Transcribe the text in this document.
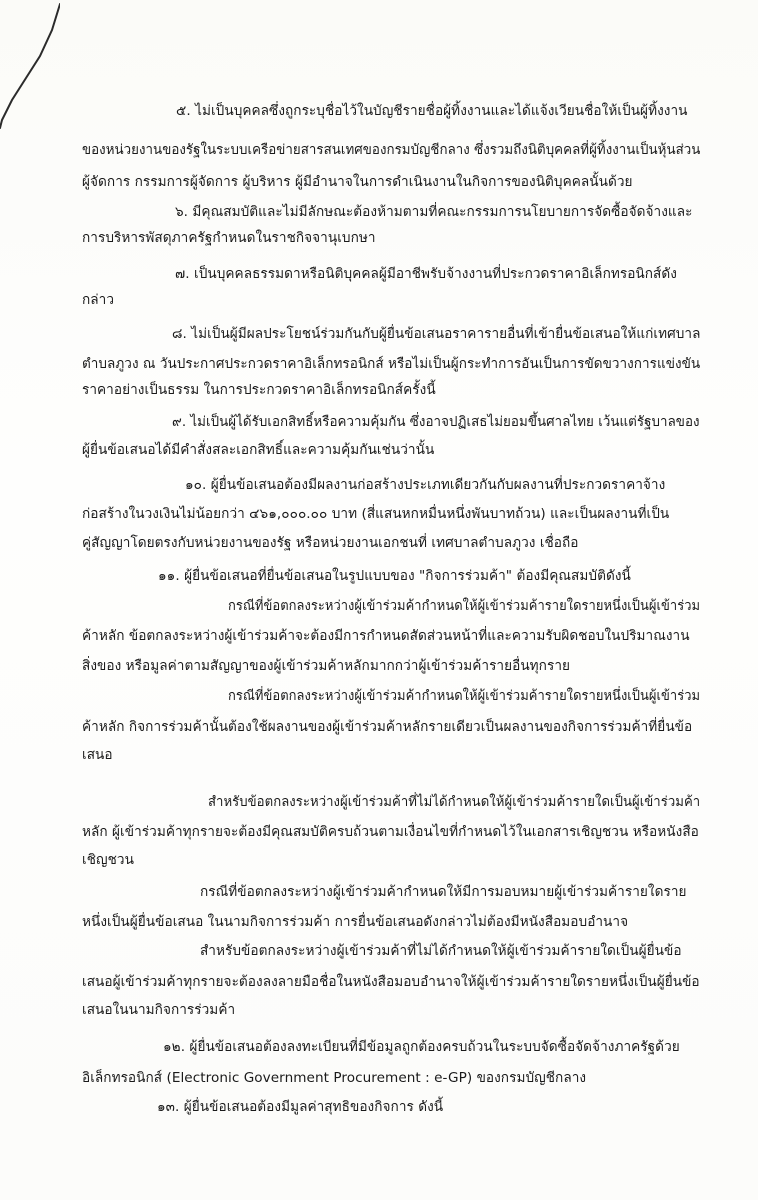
๕. ไม่เป็นบุคคลซึ่งถูกระบุชื่อไว้ในบัญชีรายชื่อผู้ทิ้งงานและได้แจ้งเวียนชื่อให้เป็นผู้ทิ้งงาน
ของหน่วยงานของรัฐในระบบเครือข่ายสารสนเทศของกรมบัญชีกลาง ซึ่งรวมถึงนิติบุคคลที่ผู้ทิ้งงานเป็นหุ้นส่วน
ผู้จัดการ กรรมการผู้จัดการ ผู้บริหาร ผู้มีอำนาจในการดำเนินงานในกิจการของนิติบุคคลนั้นด้วย
๖. มีคุณสมบัติและไม่มีลักษณะต้องห้ามตามที่คณะกรรมการนโยบายการจัดซื้อจัดจ้างและ
การบริหารพัสดุภาครัฐกำหนดในราชกิจจานุเบกษา
๗. เป็นบุคคลธรรมดาหรือนิติบุคคลผู้มีอาชีพรับจ้างงานที่ประกวดราคาอิเล็กทรอนิกส์ดัง
กล่าว
๘. ไม่เป็นผู้มีผลประโยชน์ร่วมกันกับผู้ยื่นข้อเสนอราคารายอื่นที่เข้ายื่นข้อเสนอให้แก่เทศบาล
ตำบลภูวง ณ วันประกาศประกวดราคาอิเล็กทรอนิกส์ หรือไม่เป็นผู้กระทำการอันเป็นการขัดขวางการแข่งขัน
ราคาอย่างเป็นธรรม ในการประกวดราคาอิเล็กทรอนิกส์ครั้งนี้
๙. ไม่เป็นผู้ได้รับเอกสิทธิ์หรือความคุ้มกัน ซึ่งอาจปฏิเสธไม่ยอมขึ้นศาลไทย เว้นแต่รัฐบาลของ
ผู้ยื่นข้อเสนอได้มีคำสั่งสละเอกสิทธิ์และความคุ้มกันเช่นว่านั้น
๑๐. ผู้ยื่นข้อเสนอต้องมีผลงานก่อสร้างประเภทเดียวกันกับผลงานที่ประกวดราคาจ้าง
ก่อสร้างในวงเงินไม่น้อยกว่า ๔๖๑,๐๐๐.๐๐ บาท (สี่แสนหกหมื่นหนึ่งพันบาทถ้วน) และเป็นผลงานที่เป็น
คู่สัญญาโดยตรงกับหน่วยงานของรัฐ หรือหน่วยงานเอกชนที่ เทศบาลตำบลภูวง เชื่อถือ
๑๑. ผู้ยื่นข้อเสนอที่ยื่นข้อเสนอในรูปแบบของ "กิจการร่วมค้า" ต้องมีคุณสมบัติดังนี้
กรณีที่ข้อตกลงระหว่างผู้เข้าร่วมค้ากำหนดให้ผู้เข้าร่วมค้ารายใดรายหนึ่งเป็นผู้เข้าร่วม
ค้าหลัก ข้อตกลงระหว่างผู้เข้าร่วมค้าจะต้องมีการกำหนดสัดส่วนหน้าที่และความรับผิดชอบในปริมาณงาน
สิ่งของ หรือมูลค่าตามสัญญาของผู้เข้าร่วมค้าหลักมากกว่าผู้เข้าร่วมค้ารายอื่นทุกราย
กรณีที่ข้อตกลงระหว่างผู้เข้าร่วมค้ากำหนดให้ผู้เข้าร่วมค้ารายใดรายหนึ่งเป็นผู้เข้าร่วม
ค้าหลัก กิจการร่วมค้านั้นต้องใช้ผลงานของผู้เข้าร่วมค้าหลักรายเดียวเป็นผลงานของกิจการร่วมค้าที่ยื่นข้อ
เสนอ
สำหรับข้อตกลงระหว่างผู้เข้าร่วมค้าที่ไม่ได้กำหนดให้ผู้เข้าร่วมค้ารายใดเป็นผู้เข้าร่วมค้า
หลัก ผู้เข้าร่วมค้าทุกรายจะต้องมีคุณสมบัติครบถ้วนตามเงื่อนไขที่กำหนดไว้ในเอกสารเชิญชวน หรือหนังสือ
เชิญชวน
กรณีที่ข้อตกลงระหว่างผู้เข้าร่วมค้ากำหนดให้มีการมอบหมายผู้เข้าร่วมค้ารายใดราย
หนึ่งเป็นผู้ยื่นข้อเสนอ ในนามกิจการร่วมค้า การยื่นข้อเสนอดังกล่าวไม่ต้องมีหนังสือมอบอำนาจ
สำหรับข้อตกลงระหว่างผู้เข้าร่วมค้าที่ไม่ได้กำหนดให้ผู้เข้าร่วมค้ารายใดเป็นผู้ยื่นข้อ
เสนอผู้เข้าร่วมค้าทุกรายจะต้องลงลายมือชื่อในหนังสือมอบอำนาจให้ผู้เข้าร่วมค้ารายใดรายหนึ่งเป็นผู้ยื่นข้อ
เสนอในนามกิจการร่วมค้า
๑๒. ผู้ยื่นข้อเสนอต้องลงทะเบียนที่มีข้อมูลถูกต้องครบถ้วนในระบบจัดซื้อจัดจ้างภาครัฐด้วย
อิเล็กทรอนิกส์ (Electronic Government Procurement : e-GP) ของกรมบัญชีกลาง
๑๓. ผู้ยื่นข้อเสนอต้องมีมูลค่าสุทธิของกิจการ ดังนี้
